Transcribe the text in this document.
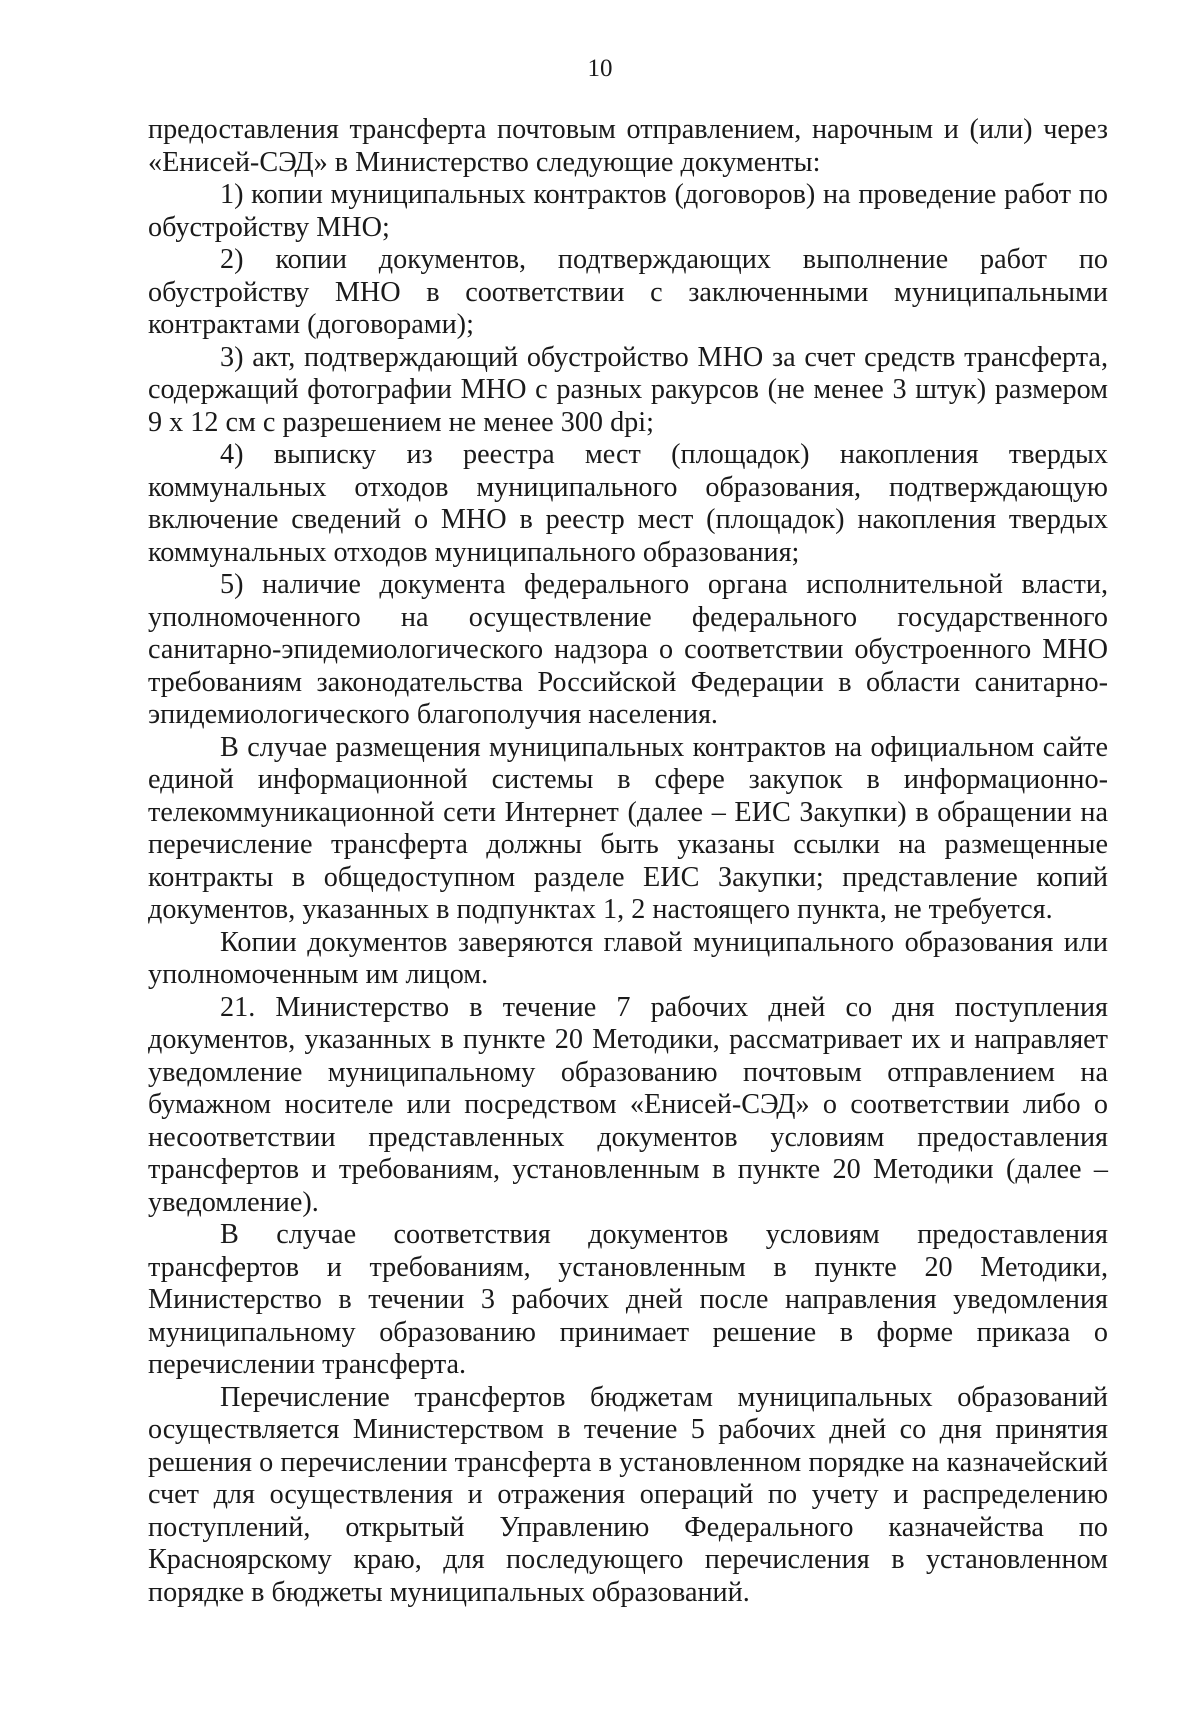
10

предоставления трансферта почтовым отправлением, нарочным и (или) через «Енисей-СЭД» в Министерство следующие документы:

1) копии муниципальных контрактов (договоров) на проведение работ по обустройству МНО;

2) копии документов, подтверждающих выполнение работ по обустройству МНО в соответствии с заключенными муниципальными контрактами (договорами);

3) акт, подтверждающий обустройство МНО за счет средств трансферта, содержащий фотографии МНО с разных ракурсов (не менее 3 штук) размером 9 x 12 см с разрешением не менее 300 dpi;

4) выписку из реестра мест (площадок) накопления твердых коммунальных отходов муниципального образования, подтверждающую включение сведений о МНО в реестр мест (площадок) накопления твердых коммунальных отходов муниципального образования;

5) наличие документа федерального органа исполнительной власти, уполномоченного на осуществление федерального государственного санитарно-эпидемиологического надзора о соответствии обустроенного МНО требованиям законодательства Российской Федерации в области санитарно-эпидемиологического благополучия населения.

В случае размещения муниципальных контрактов на официальном сайте единой информационной системы в сфере закупок в информационно-телекоммуникационной сети Интернет (далее – ЕИС Закупки) в обращении на перечисление трансферта должны быть указаны ссылки на размещенные контракты в общедоступном разделе ЕИС Закупки; представление копий документов, указанных в подпунктах 1, 2 настоящего пункта, не требуется.

Копии документов заверяются главой муниципального образования или уполномоченным им лицом.

21. Министерство в течение 7 рабочих дней со дня поступления документов, указанных в пункте 20 Методики, рассматривает их и направляет уведомление муниципальному образованию почтовым отправлением на бумажном носителе или посредством «Енисей-СЭД» о соответствии либо о несоответствии представленных документов условиям предоставления трансфертов и требованиям, установленным в пункте 20 Методики (далее – уведомление).

В случае соответствия документов условиям предоставления трансфертов и требованиям, установленным в пункте 20 Методики, Министерство в течении 3 рабочих дней после направления уведомления муниципальному образованию принимает решение в форме приказа о перечислении трансферта.

Перечисление трансфертов бюджетам муниципальных образований осуществляется Министерством в течение 5 рабочих дней со дня принятия решения о перечислении трансферта в установленном порядке на казначейский счет для осуществления и отражения операций по учету и распределению поступлений, открытый Управлению Федерального казначейства по Красноярскому краю, для последующего перечисления в установленном порядке в бюджеты муниципальных образований.
